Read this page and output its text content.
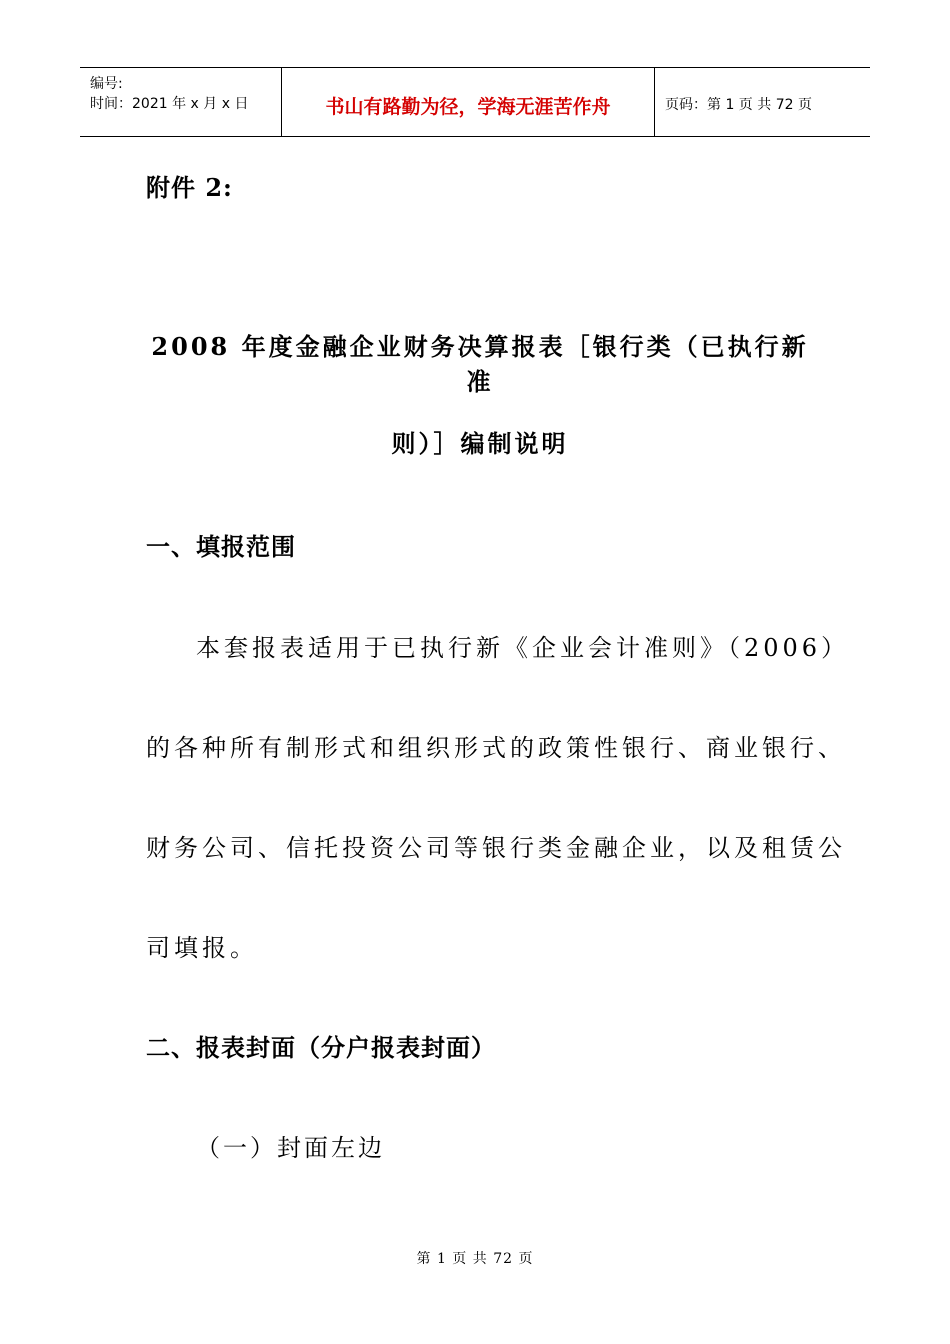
编号:
时间：2021 年 x 月 x 日	书山有路勤为径，学海无涯苦作舟	页码：第 1 页 共 72 页
附件 2:
2008 年度金融企业财务决算报表［银行类（已执行新准
则）］编制说明
一、填报范围
本套报表适用于已执行新《企业会计准则》（2006）
的各种所有制形式和组织形式的政策性银行、商业银行、
财务公司、信托投资公司等银行类金融企业，以及租赁公
司填报。
二、报表封面（分户报表封面）
（一）封面左边
第 1 页 共 72 页
